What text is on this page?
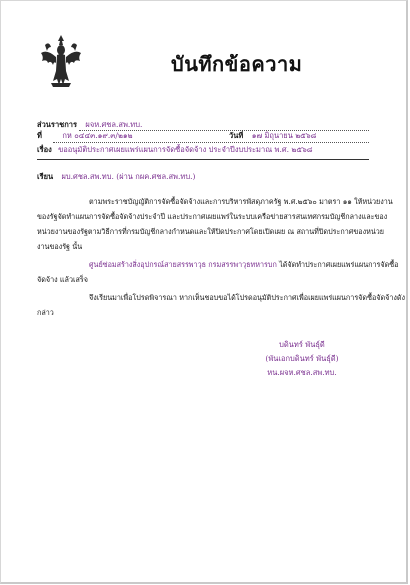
บันทึกข้อความ
ส่วนราชการ ผจห.ศชล.สพ.ทบ.
ที่	กห ๐๔๔๓.๑๙.๓/๒๑๒	วันที่ ๑๗ มิถุนายน ๒๕๖๘
เรื่อง ขออนุมัติประกาศเผยแพร่แผนการจัดซื้อจัดจ้าง ประจำปีงบประมาณ พ.ศ. ๒๕๖๘
เรียน ผบ.ศชล.สพ.ทบ. (ผ่าน กผค.ศชล.สพ.ทบ.)
ตามพระราชบัญญัติการจัดซื้อจัดจ้างและการบริหารพัสดุภาครัฐ พ.ศ.๒๕๖๐ มาตรา ๑๑ ให้หน่วยงาน
ของรัฐจัดทำแผนการจัดซื้อจัดจ้างประจำปี และประกาศเผยแพร่ในระบบเครือข่ายสารสนเทศกรมบัญชีกลางและของ
หน่วยงานของรัฐตามวิธีการที่กรมบัญชีกลางกำหนดและให้ปิดประกาศโดยเปิดเผย ณ สถานที่ปิดประกาศของหน่วย
งานของรัฐ นั้น
ศูนย์ซ่อมสร้างสิ่งอุปกรณ์สายสรรพาวุธ กรมสรรพาวุธทหารบก ได้จัดทำประกาศเผยแพร่แผนการจัดซื้อ
จัดจ้าง แล้วเสร็จ
จึงเรียนมาเพื่อโปรดพิจารณา หากเห็นชอบขอได้โปรดอนุมัติประกาศเพื่อเผยแพร่แผนการจัดซื้อจัดจ้างดัง
กล่าว
บดินทร์ พันธุ์ดี
(พันเอกบดินทร์ พันธุ์ดี)
หน.ผจห.ศชล.สพ.ทบ.
